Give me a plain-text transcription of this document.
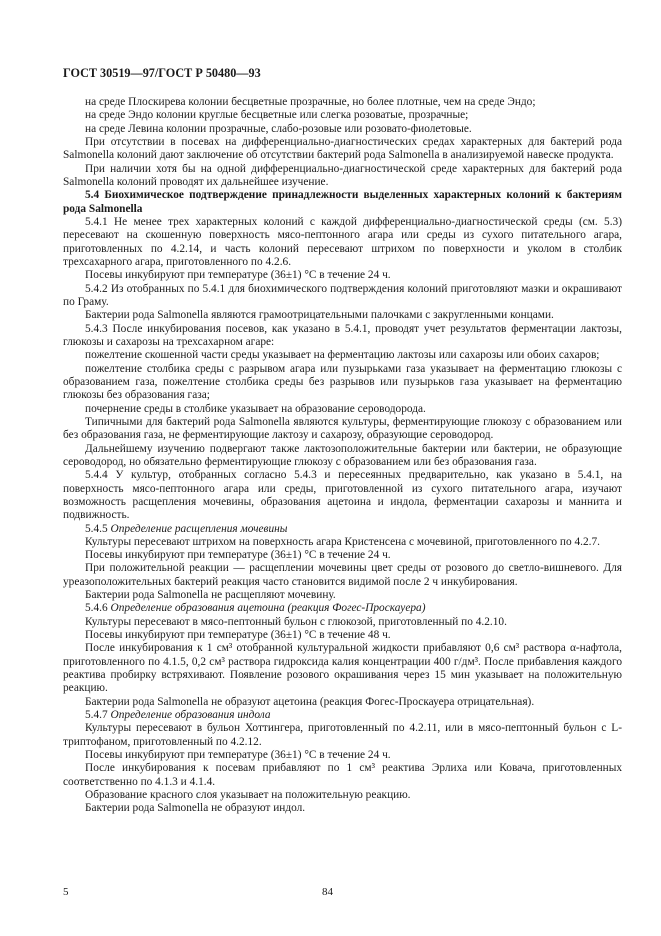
ГОСТ 30519—97/ГОСТ Р 50480—93

на среде Плоскирева колонии бесцветные прозрачные, но более плотные, чем на среде Эндо;

на среде Эндо колонии круглые бесцветные или слегка розоватые, прозрачные;

на среде Левина колонии прозрачные, слабо-розовые или розовато-фиолетовые.

При отсутствии в посевах на дифференциально-диагностических средах характерных для бактерий рода Salmonella колоний дают заключение об отсутствии бактерий рода Salmonella в анализируемой навеске продукта.

При наличии хотя бы на одной дифференциально-диагностической среде характерных для бактерий рода Salmonella колоний проводят их дальнейшее изучение.

5.4 Биохимическое подтверждение принадлежности выделенных характерных колоний к бактериям рода Salmonella

5.4.1 Не менее трех характерных колоний с каждой дифференциально-диагностической среды (см. 5.3) пересевают на скошенную поверхность мясо-пептонного агара или среды из сухого питательного агара, приготовленных по 4.2.14, и часть колоний пересевают штрихом по поверхности и уколом в столбик трехсахарного агара, приготовленного по 4.2.6.

Посевы инкубируют при температуре (36±1) °С в течение 24 ч.

5.4.2 Из отобранных по 5.4.1 для биохимического подтверждения колоний приготовляют мазки и окрашивают по Граму.

Бактерии рода Salmonella являются грамоотрицательными палочками с закругленными концами.

5.4.3 После инкубирования посевов, как указано в 5.4.1, проводят учет результатов ферментации лактозы, глюкозы и сахарозы на трехсахарном агаре:

пожелтение скошенной части среды указывает на ферментацию лактозы или сахарозы или обоих сахаров;

пожелтение столбика среды с разрывом агара или пузырьками газа указывает на ферментацию глюкозы с образованием газа, пожелтение столбика среды без разрывов или пузырьков газа указывает на ферментацию глюкозы без образования газа;

почернение среды в столбике указывает на образование сероводорода.

Типичными для бактерий рода Salmonella являются культуры, ферментирующие глюкозу с образованием или без образования газа, не ферментирующие лактозу и сахарозу, образующие сероводород.

Дальнейшему изучению подвергают также лактозоположительные бактерии или бактерии, не образующие сероводород, но обязательно ферментирующие глюкозу с образованием или без образования газа.

5.4.4 У культур, отобранных согласно 5.4.3 и пересеянных предварительно, как указано в 5.4.1, на поверхность мясо-пептонного агара или среды, приготовленной из сухого питательного агара, изучают возможность расщепления мочевины, образования ацетоина и индола, ферментации сахарозы и маннита и подвижность.

5.4.5 Определение расщепления мочевины

Культуры пересевают штрихом на поверхность агара Кристенсена с мочевиной, приготовленного по 4.2.7.

Посевы инкубируют при температуре (36±1) °С в течение 24 ч.

При положительной реакции — расщеплении мочевины цвет среды от розового до светло-вишневого. Для уреазоположительных бактерий реакция часто становится видимой после 2 ч инкубирования.

Бактерии рода Salmonella не расщепляют мочевину.

5.4.6 Определение образования ацетоина (реакция Фогес-Проскауера)

Культуры пересевают в мясо-пептонный бульон с глюкозой, приготовленный по 4.2.10.

Посевы инкубируют при температуре (36±1) °С в течение 48 ч.

После инкубирования к 1 см³ отобранной культуральной жидкости прибавляют 0,6 см³ раствора α-нафтола, приготовленного по 4.1.5, 0,2 см³ раствора гидроксида калия концентрации 400 г/дм³. После прибавления каждого реактива пробирку встряхивают. Появление розового окрашивания через 15 мин указывает на положительную реакцию.

Бактерии рода Salmonella не образуют ацетоина (реакция Фогес-Проскауера отрицательная).

5.4.7 Определение образования индола

Культуры пересевают в бульон Хоттингера, приготовленный по 4.2.11, или в мясо-пептонный бульон с L-триптофаном, приготовленный по 4.2.12.

Посевы инкубируют при температуре (36±1) °С в течение 24 ч.

После инкубирования к посевам прибавляют по 1 см³ реактива Эрлиха или Ковача, приготовленных соответственно по 4.1.3 и 4.1.4.

Образование красного слоя указывает на положительную реакцию.

Бактерии рода Salmonella не образуют индол.

5	84
